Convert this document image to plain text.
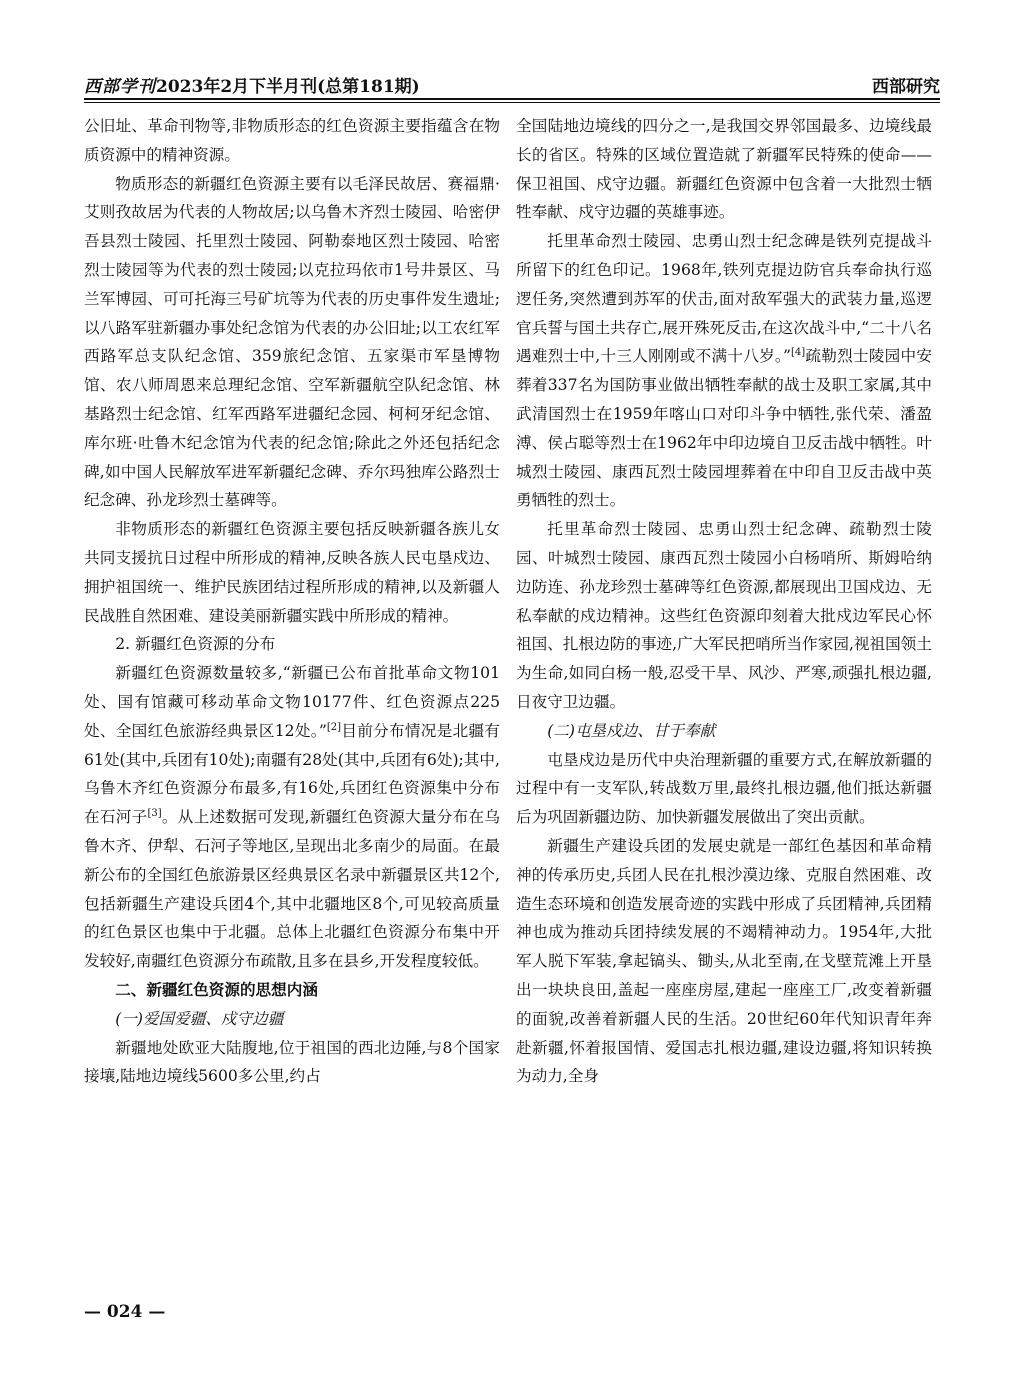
西部学刊2023年2月下半月刊(总第181期)	西部研究

公旧址、革命刊物等,非物质形态的红色资源主要指蕴含在物质资源中的精神资源。

物质形态的新疆红色资源主要有以毛泽民故居、赛福鼎·艾则孜故居为代表的人物故居;以乌鲁木齐烈士陵园、哈密伊吾县烈士陵园、托里烈士陵园、阿勒泰地区烈士陵园、哈密烈士陵园等为代表的烈士陵园;以克拉玛依市1号井景区、马兰军博园、可可托海三号矿坑等为代表的历史事件发生遗址;以八路军驻新疆办事处纪念馆为代表的办公旧址;以工农红军西路军总支队纪念馆、359旅纪念馆、五家渠市军垦博物馆、农八师周恩来总理纪念馆、空军新疆航空队纪念馆、林基路烈士纪念馆、红军西路军进疆纪念园、柯柯牙纪念馆、库尔班·吐鲁木纪念馆为代表的纪念馆;除此之外还包括纪念碑,如中国人民解放军进军新疆纪念碑、乔尔玛独库公路烈士纪念碑、孙龙珍烈士墓碑等。

非物质形态的新疆红色资源主要包括反映新疆各族儿女共同支援抗日过程中所形成的精神,反映各族人民屯垦戍边、拥护祖国统一、维护民族团结过程所形成的精神,以及新疆人民战胜自然困难、建设美丽新疆实践中所形成的精神。

2. 新疆红色资源的分布

新疆红色资源数量较多,“新疆已公布首批革命文物101处、国有馆藏可移动革命文物10177件、红色资源点225处、全国红色旅游经典景区12处。”[2]目前分布情况是北疆有61处(其中,兵团有10处);南疆有28处(其中,兵团有6处);其中,乌鲁木齐红色资源分布最多,有16处,兵团红色资源集中分布在石河子[3]。从上述数据可发现,新疆红色资源大量分布在乌鲁木齐、伊犁、石河子等地区,呈现出北多南少的局面。在最新公布的全国红色旅游景区经典景区名录中新疆景区共12个,包括新疆生产建设兵团4个,其中北疆地区8个,可见较高质量的红色景区也集中于北疆。总体上北疆红色资源分布集中开发较好,南疆红色资源分布疏散,且多在县乡,开发程度较低。

二、新疆红色资源的思想内涵
(一)爱国爱疆、戍守边疆

新疆地处欧亚大陆腹地,位于祖国的西北边陲,与8个国家接壤,陆地边境线5600多公里,约占

全国陆地边境线的四分之一,是我国交界邻国最多、边境线最长的省区。特殊的区域位置造就了新疆军民特殊的使命——保卫祖国、戍守边疆。新疆红色资源中包含着一大批烈士牺牲奉献、戍守边疆的英雄事迹。

托里革命烈士陵园、忠勇山烈士纪念碑是铁列克提战斗所留下的红色印记。1968年,铁列克提边防官兵奉命执行巡逻任务,突然遭到苏军的伏击,面对敌军强大的武装力量,巡逻官兵誓与国土共存亡,展开殊死反击,在这次战斗中,“二十八名遇难烈士中,十三人刚刚或不满十八岁。”[4]疏勒烈士陵园中安葬着337名为国防事业做出牺牲奉献的战士及职工家属,其中武清国烈士在1959年喀山口对印斗争中牺牲,张代荣、潘盈溥、侯占聪等烈士在1962年中印边境自卫反击战中牺牲。叶城烈士陵园、康西瓦烈士陵园埋葬着在中印自卫反击战中英勇牺牲的烈士。

托里革命烈士陵园、忠勇山烈士纪念碑、疏勒烈士陵园、叶城烈士陵园、康西瓦烈士陵园小白杨哨所、斯姆哈纳边防连、孙龙珍烈士墓碑等红色资源,都展现出卫国戍边、无私奉献的戍边精神。这些红色资源印刻着大批戍边军民心怀祖国、扎根边防的事迹,广大军民把哨所当作家园,视祖国领土为生命,如同白杨一般,忍受干旱、风沙、严寒,顽强扎根边疆,日夜守卫边疆。

(二)屯垦戍边、甘于奉献

屯垦戍边是历代中央治理新疆的重要方式,在解放新疆的过程中有一支军队,转战数万里,最终扎根边疆,他们抵达新疆后为巩固新疆边防、加快新疆发展做出了突出贡献。

新疆生产建设兵团的发展史就是一部红色基因和革命精神的传承历史,兵团人民在扎根沙漠边缘、克服自然困难、改造生态环境和创造发展奇迹的实践中形成了兵团精神,兵团精神也成为推动兵团持续发展的不竭精神动力。1954年,大批军人脱下军装,拿起镐头、锄头,从北至南,在戈壁荒滩上开垦出一块块良田,盖起一座座房屋,建起一座座工厂,改变着新疆的面貌,改善着新疆人民的生活。20世纪60年代知识青年奔赴新疆,怀着报国情、爱国志扎根边疆,建设边疆,将知识转换为动力,全身

— 024 —
